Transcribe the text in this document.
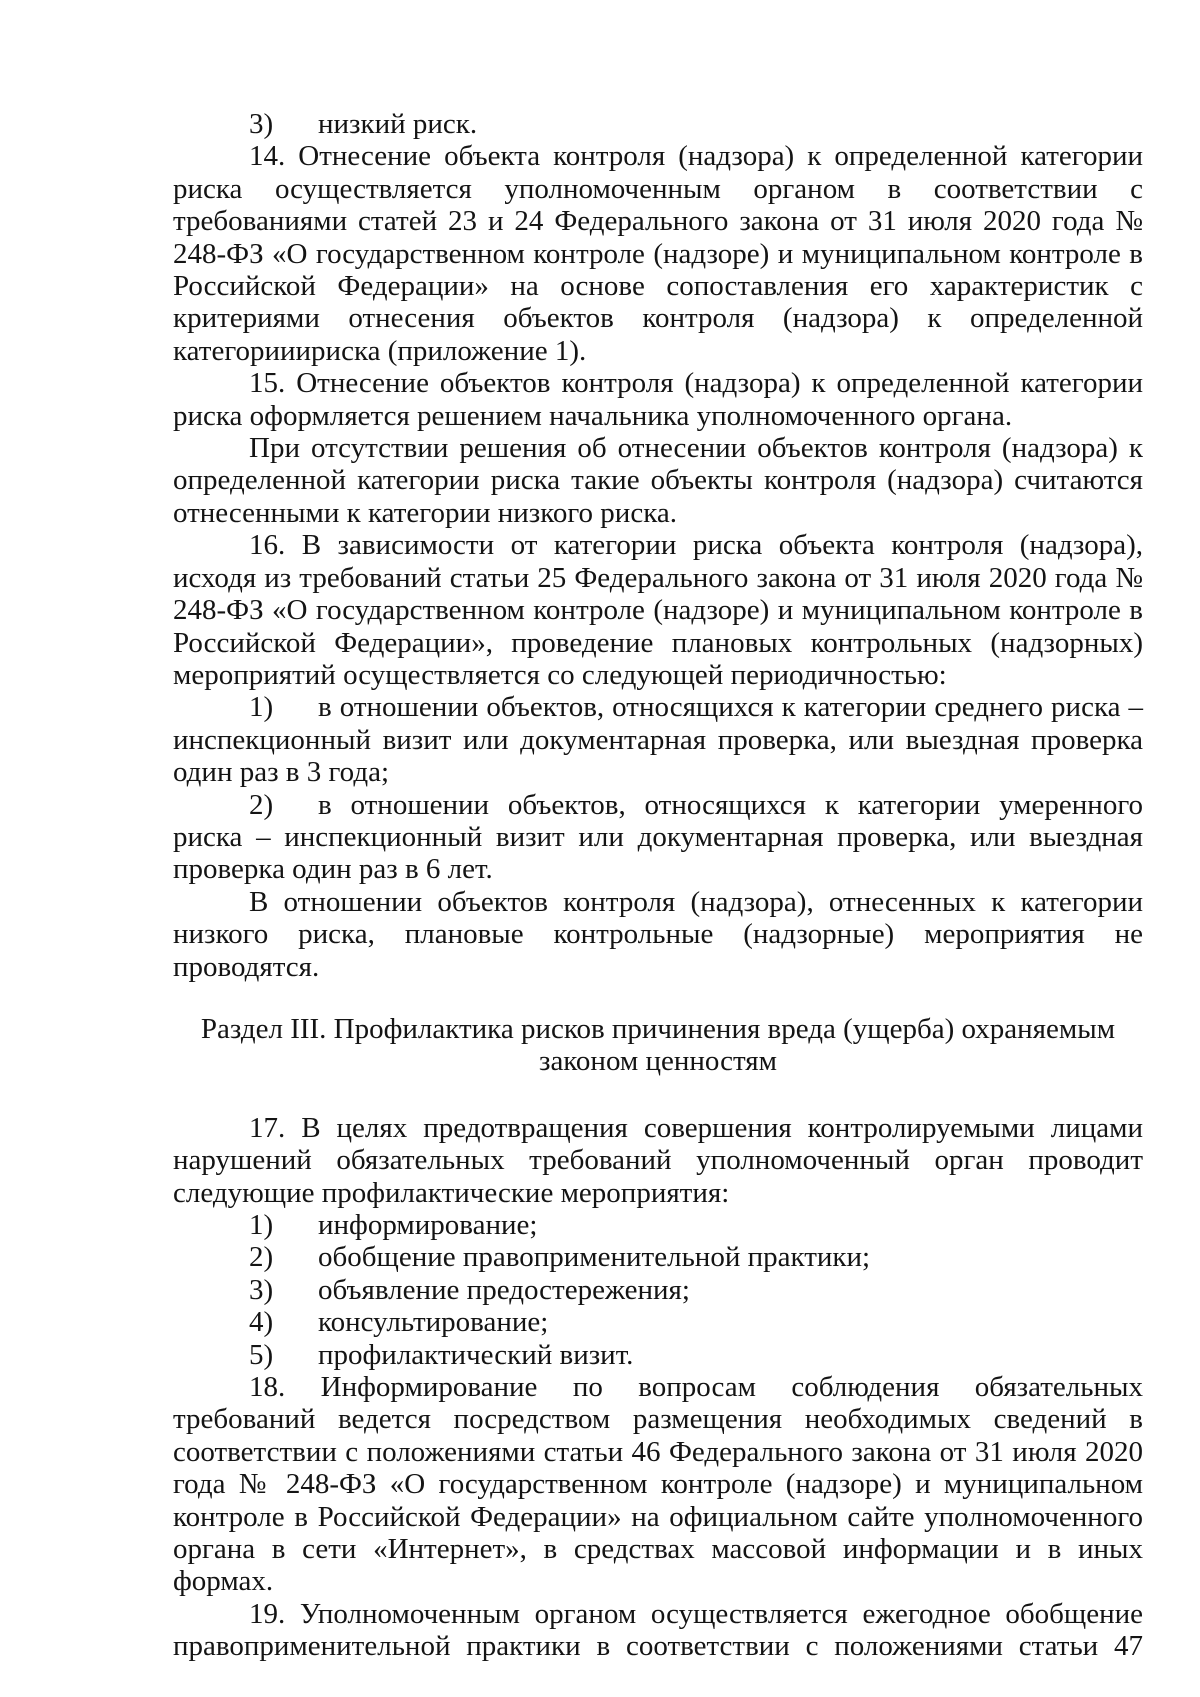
3)	низкий риск.

14. Отнесение объекта контроля (надзора) к определенной категории риска осуществляется уполномоченным органом в соответствии с требованиями статей 23 и 24 Федерального закона от 31 июля 2020 года № 248-ФЗ «О государственном контроле (надзоре) и муниципальном контроле в Российской Федерации» на основе сопоставления его характеристик с критериями отнесения объектов контроля (надзора) к определенной категорииириска (приложение 1).

15. Отнесение объектов контроля (надзора) к определенной категории риска оформляется решением начальника уполномоченного органа.

При отсутствии решения об отнесении объектов контроля (надзора) к определенной категории риска такие объекты контроля (надзора) считаются отнесенными к категории низкого риска.

16. В зависимости от категории риска объекта контроля (надзора), исходя из требований статьи 25 Федерального закона от 31 июля 2020 года № 248-ФЗ «О государственном контроле (надзоре) и муниципальном контроле в Российской Федерации», проведение плановых контрольных (надзорных) мероприятий осуществляется со следующей периодичностью:

1) в отношении объектов, относящихся к категории среднего риска – инспекционный визит или документарная проверка, или выездная проверка один раз в 3 года;

2) в отношении объектов, относящихся к категории умеренного риска – инспекционный визит или документарная проверка, или выездная проверка один раз в 6 лет.

В отношении объектов контроля (надзора), отнесенных к категории низкого риска, плановые контрольные (надзорные) мероприятия не проводятся.

Раздел III. Профилактика рисков причинения вреда (ущерба) охраняемым
законом ценностям

17. В целях предотвращения совершения контролируемыми лицами нарушений обязательных требований уполномоченный орган проводит следующие профилактические мероприятия:

1)	информирование;
2)	обобщение правоприменительной практики;
3)	объявление предостережения;
4)	консультирование;
5)	профилактический визит.

18. Информирование по вопросам соблюдения обязательных требований ведется посредством размещения необходимых сведений в соответствии с положениями статьи 46 Федерального закона от 31 июля 2020 года № 248-ФЗ «О государственном контроле (надзоре) и муниципальном контроле в Российской Федерации» на официальном сайте уполномоченного органа в сети «Интернет», в средствах массовой информации и в иных формах.

19. Уполномоченным органом осуществляется ежегодное обобщение правоприменительной практики в соответствии с положениями статьи 47
